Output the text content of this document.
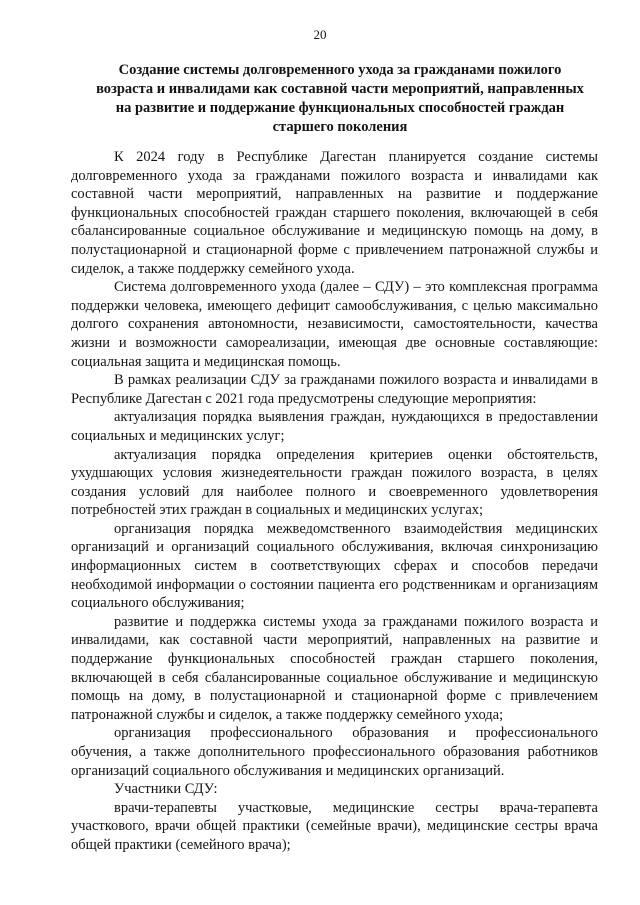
20
Создание системы долговременного ухода за гражданами пожилого возраста и инвалидами как составной части мероприятий, направленных на развитие и поддержание функциональных способностей граждан старшего поколения

К 2024 году в Республике Дагестан планируется создание системы долговременного ухода за гражданами пожилого возраста и инвалидами как составной части мероприятий, направленных на развитие и поддержание функциональных способностей граждан старшего поколения, включающей в себя сбалансированные социальное обслуживание и медицинскую помощь на дому, в полустационарной и стационарной форме с привлечением патронажной службы и сиделок, а также поддержку семейного ухода.

Система долговременного ухода (далее – СДУ) – это комплексная программа поддержки человека, имеющего дефицит самообслуживания, с целью максимально долгого сохранения автономности, независимости, самостоятельности, качества жизни и возможности самореализации, имеющая две основные составляющие: социальная защита и медицинская помощь.

В рамках реализации СДУ за гражданами пожилого возраста и инвалидами в Республике Дагестан с 2021 года предусмотрены следующие мероприятия:

актуализация порядка выявления граждан, нуждающихся в предоставлении социальных и медицинских услуг;

актуализация порядка определения критериев оценки обстоятельств, ухудшающих условия жизнедеятельности граждан пожилого возраста, в целях создания условий для наиболее полного и своевременного удовлетворения потребностей этих граждан в социальных и медицинских услугах;

организация порядка межведомственного взаимодействия медицинских организаций и организаций социального обслуживания, включая синхронизацию информационных систем в соответствующих сферах и способов передачи необходимой информации о состоянии пациента его родственникам и организациям социального обслуживания;

развитие и поддержка системы ухода за гражданами пожилого возраста и инвалидами, как составной части мероприятий, направленных на развитие и поддержание функциональных способностей граждан старшего поколения, включающей в себя сбалансированные социальное обслуживание и медицинскую помощь на дому, в полустационарной и стационарной форме с привлечением патронажной службы и сиделок, а также поддержку семейного ухода;

организация профессионального образования и профессионального обучения, а также дополнительного профессионального образования работников организаций социального обслуживания и медицинских организаций.

Участники СДУ:

врачи-терапевты участковые, медицинские сестры врача-терапевта участкового, врачи общей практики (семейные врачи), медицинские сестры врача общей практики (семейного врача);
